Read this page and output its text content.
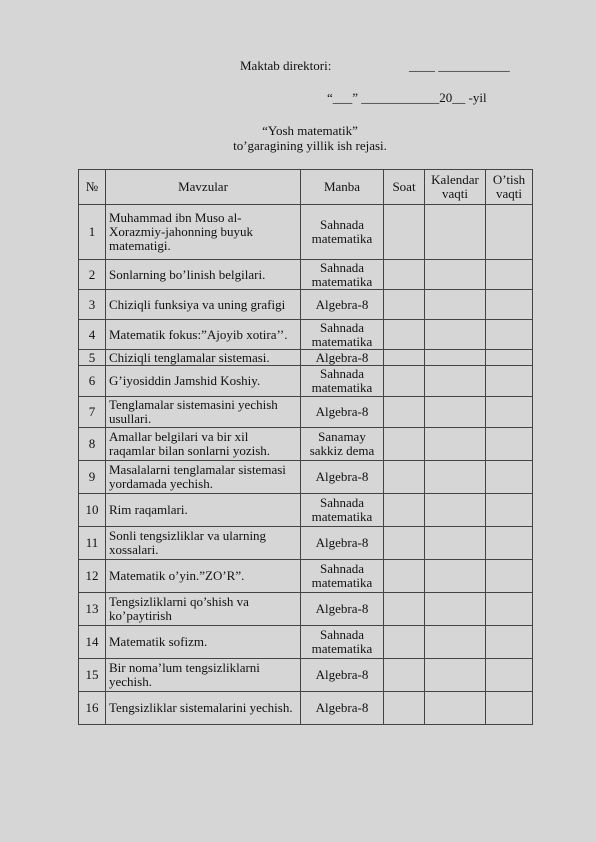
Maktab direktori:	____ ___________
“___” ____________20__ -yil
“Yosh matematik”
to’garagining yillik ish rejasi.
№	Mavzular	Manba	Soat	Kalendar vaqti	O’tish vaqti
1	Muhammad ibn Muso al-Xorazmiy-jahonning buyuk matematigi.	Sahnada matematika			
2	Sonlarning bo’linish belgilari.	Sahnada matematika			
3	Chiziqli funksiya va uning grafigi	Algebra-8			
4	Matematik fokus:”Ajoyib xotira’’.	Sahnada matematika			
5	Chiziqli tenglamalar sistemasi.	Algebra-8			
6	G’iyosiddin Jamshid Koshiy.	Sahnada matematika			
7	Tenglamalar sistemasini yechish usullari.	Algebra-8			
8	Amallar belgilari va bir xil raqamlar bilan sonlarni yozish.	Sanamay sakkiz dema			
9	Masalalarni tenglamalar sistemasi yordamada yechish.	Algebra-8			
10	Rim raqamlari.	Sahnada matematika			
11	Sonli tengsizliklar va ularning xossalari.	Algebra-8			
12	Matematik o’yin.”ZO’R”.	Sahnada matematika			
13	Tengsizliklarni qo’shish va ko’paytirish	Algebra-8			
14	Matematik sofizm.	Sahnada matematika			
15	Bir noma’lum tengsizliklarni yechish.	Algebra-8			
16	Tengsizliklar sistemalarini yechish.	Algebra-8			
